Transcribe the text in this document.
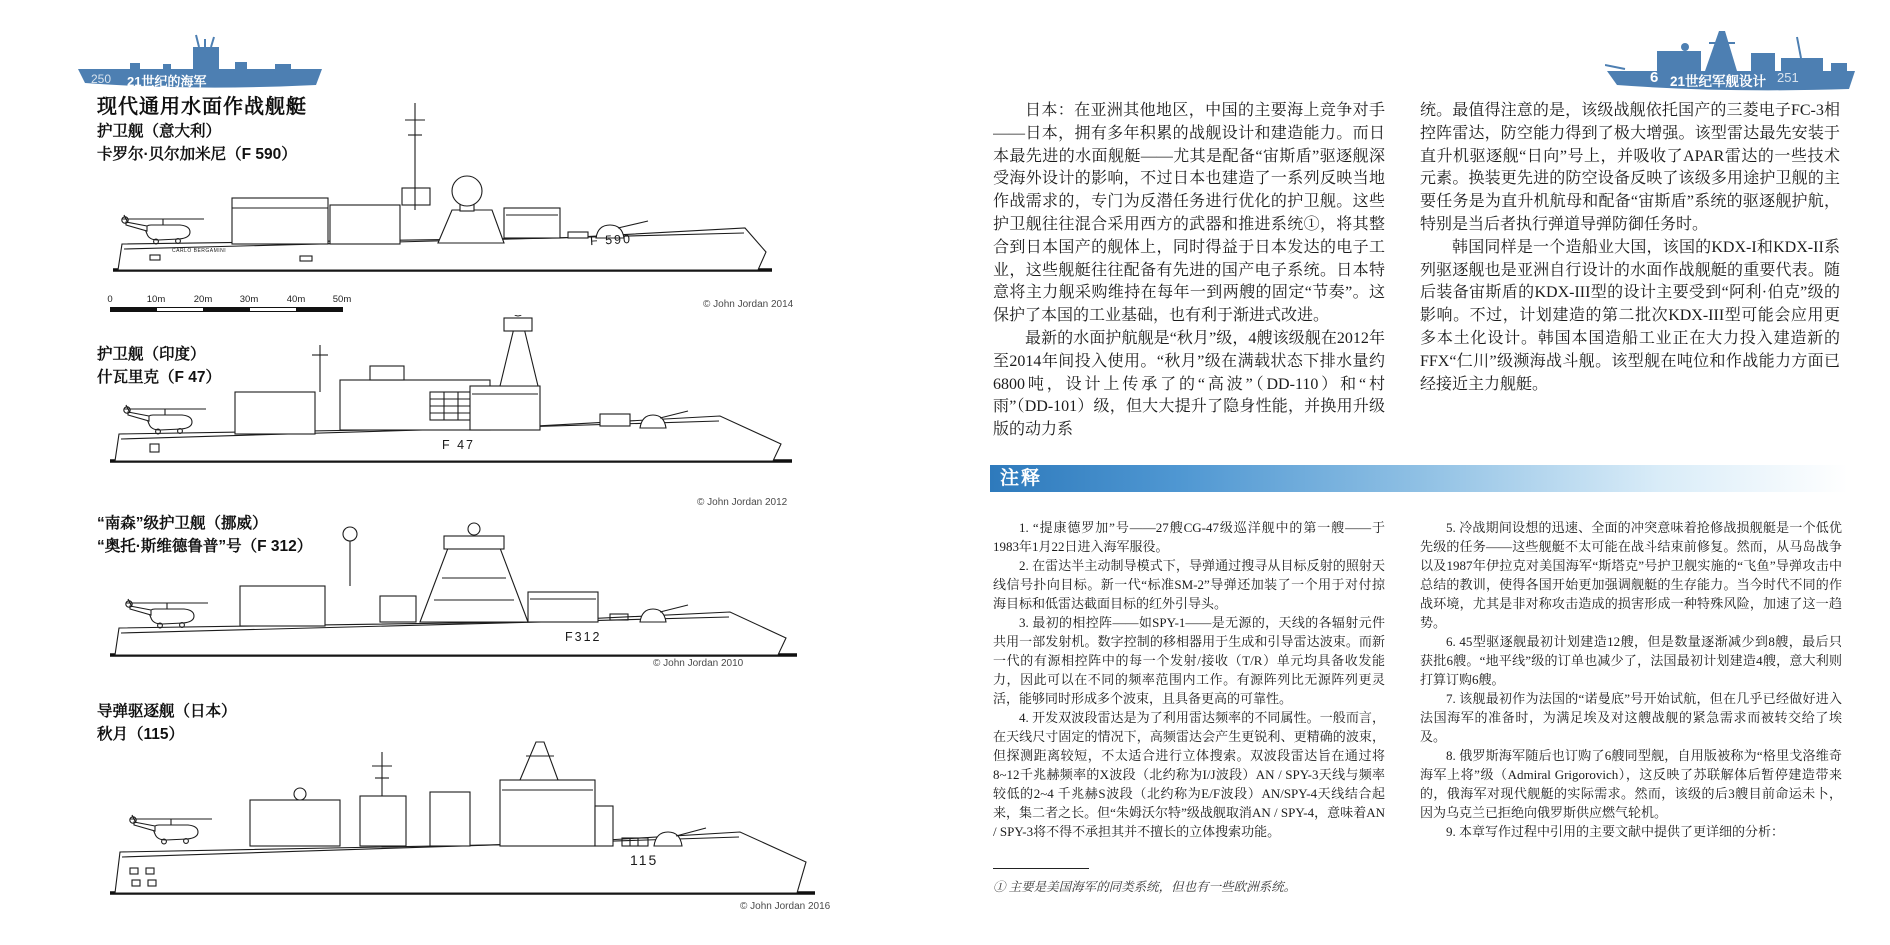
250 21世纪的海军
现代通用水面作战舰艇
护卫舰（意大利）
卡罗尔·贝尔加米尼（F 590）
CARLO BERGAMINI
F 590
© John Jordan 2014
0	10m	20m	30m	40m	50m
护卫舰（印度）
什瓦里克（F 47）
F 47
© John Jordan 2012
“南森”级护卫舰（挪威）
“奥托·斯维德鲁普”号（F 312）
F312
© John Jordan 2010
导弹驱逐舰（日本）
秋月（115）
115
© John Jordan 2016
6 21世纪军舰设计 251

日本：在亚洲其他地区，中国的主要海上竞争对手——日本，拥有多年积累的战舰设计和建造能力。而日本最先进的水面舰艇——尤其是配备“宙斯盾”驱逐舰深受海外设计的影响，不过日本也建造了一系列反映当地作战需求的，专门为反潜任务进行优化的护卫舰。这些护卫舰往往混合采用西方的武器和推进系统①，将其整合到日本国产的舰体上，同时得益于日本发达的电子工业，这些舰艇往往配备有先进的国产电子系统。日本特意将主力舰采购维持在每年一到两艘的固定“节奏”。这保护了本国的工业基础，也有利于渐进式改进。

最新的水面护航舰是“秋月”级，4艘该级舰在2012年至2014年间投入使用。“秋月”级在满载状态下排水量约6800吨，设计上传承了的“高波”（DD-110）和“村雨”（DD-101）级，但大大提升了隐身性能，并换用升级版的动力系

统。最值得注意的是，该级战舰依托国产的三菱电子FC-3相控阵雷达，防空能力得到了极大增强。该型雷达最先安装于直升机驱逐舰“日向”号上，并吸收了APAR雷达的一些技术元素。换装更先进的防空设备反映了该级多用途护卫舰的主要任务是为直升机航母和配备“宙斯盾”系统的驱逐舰护航，特别是当后者执行弹道导弹防御任务时。

韩国同样是一个造船业大国，该国的KDX-I和KDX-II系列驱逐舰也是亚洲自行设计的水面作战舰艇的重要代表。随后装备宙斯盾的KDX-III型的设计主要受到“阿利·伯克”级的影响。不过，计划建造的第二批次KDX-III型可能会应用更多本土化设计。韩国本国造船工业正在大力投入建造新的FFX“仁川”级濒海战斗舰。该型舰在吨位和作战能力方面已经接近主力舰艇。

注释

1. “提康德罗加”号——27艘CG-47级巡洋舰中的第一艘——于1983年1月22日进入海军服役。

2. 在雷达半主动制导模式下，导弹通过搜寻从目标反射的照射天线信号扑向目标。新一代“标准SM-2”导弹还加装了一个用于对付掠海目标和低雷达截面目标的红外引导头。

3. 最初的相控阵——如SPY-1——是无源的，天线的各辐射元件共用一部发射机。数字控制的移相器用于生成和引导雷达波束。而新一代的有源相控阵中的每一个发射/接收（T/R）单元均具备收发能力，因此可以在不同的频率范围内工作。有源阵列比无源阵列更灵活，能够同时形成多个波束，且具备更高的可靠性。

4. 开发双波段雷达是为了利用雷达频率的不同属性。一般而言，在天线尺寸固定的情况下，高频雷达会产生更锐利、更精确的波束，但探测距离较短，不太适合进行立体搜索。双波段雷达旨在通过将8~12千兆赫频率的X波段（北约称为I/J波段）AN / SPY-3天线与频率较低的2~4 千兆赫S波段（北约称为E/F波段）AN/SPY-4天线结合起来，集二者之长。但“朱姆沃尔特”级战舰取消AN / SPY-4，意味着AN / SPY-3将不得不承担其并不擅长的立体搜索功能。

5. 冷战期间设想的迅速、全面的冲突意味着抢修战损舰艇是一个低优先级的任务——这些舰艇不太可能在战斗结束前修复。然而，从马岛战争以及1987年伊拉克对美国海军“斯塔克”号护卫舰实施的“飞鱼”导弹攻击中总结的教训，使得各国开始更加强调舰艇的生存能力。当今时代不同的作战环境，尤其是非对称攻击造成的损害形成一种特殊风险，加速了这一趋势。

6. 45型驱逐舰最初计划建造12艘，但是数量逐渐减少到8艘，最后只获批6艘。“地平线”级的订单也减少了，法国最初计划建造4艘，意大利则打算订购6艘。

7. 该舰最初作为法国的“诺曼底”号开始试航，但在几乎已经做好进入法国海军的准备时，为满足埃及对这艘战舰的紧急需求而被转交给了埃及。

8. 俄罗斯海军随后也订购了6艘同型舰，自用版被称为“格里戈洛维奇海军上将”级（Admiral Grigorovich），这反映了苏联解体后暂停建造带来的，俄海军对现代舰艇的实际需求。然而，该级的后3艘目前命运未卜，因为乌克兰已拒绝向俄罗斯供应燃气轮机。

9. 本章写作过程中引用的主要文献中提供了更详细的分析：

① 主要是美国海军的同类系统，但也有一些欧洲系统。
